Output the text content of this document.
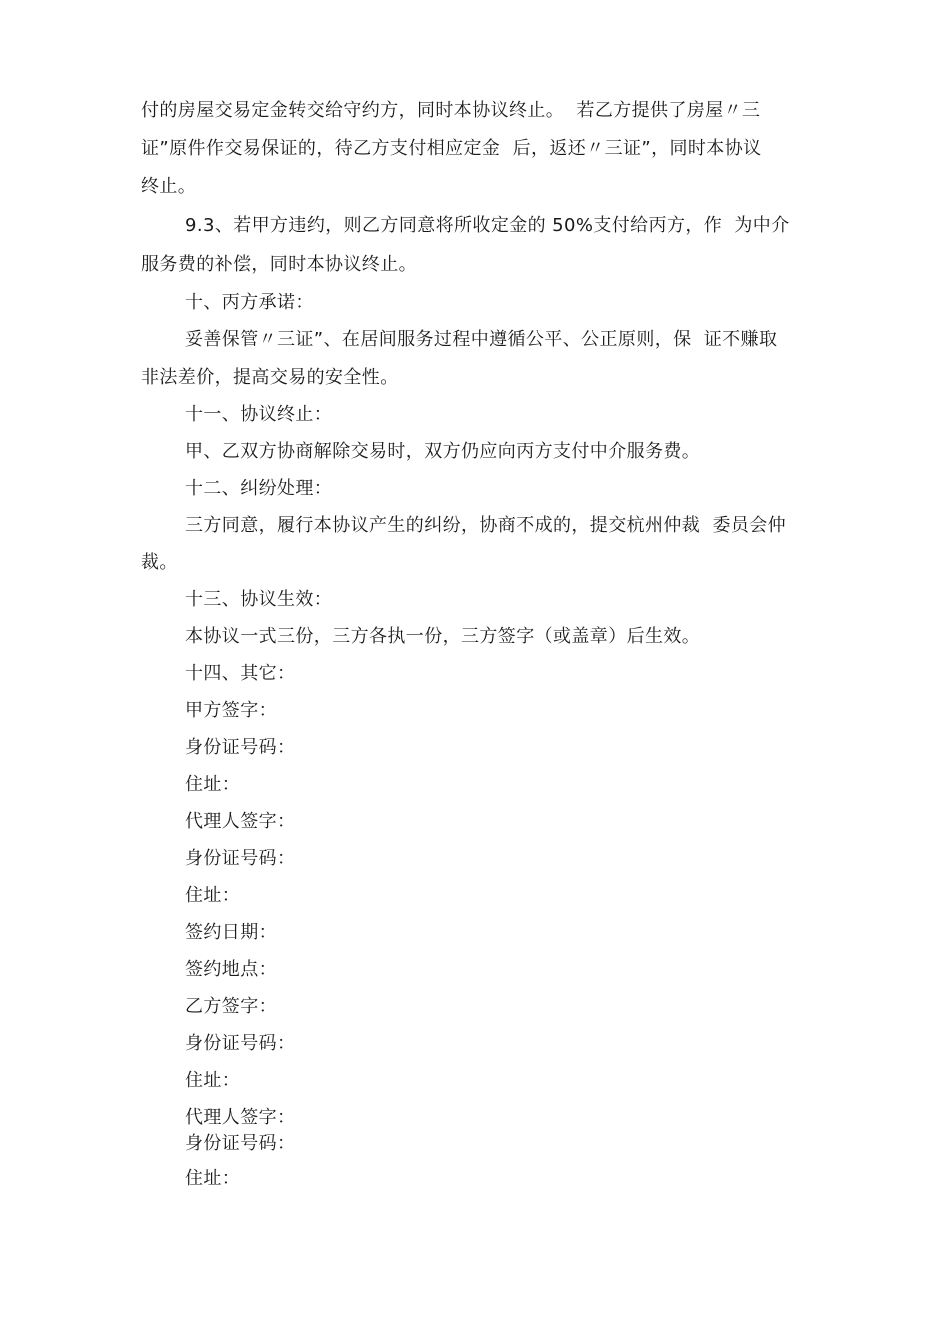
付的房屋交易定金转交给守约方，同时本协议终止。  若乙方提供了房屋〃三
证”原件作交易保证的，待乙方支付相应定金  后，返还〃三证”，同时本协议
终止。
9.3、若甲方违约，则乙方同意将所收定金的 50%支付给丙方，作  为中介
服务费的补偿，同时本协议终止。
十、丙方承诺：
妥善保管〃三证”、在居间服务过程中遵循公平、公正原则，保  证不赚取
非法差价，提高交易的安全性。
十一、协议终止：
甲、乙双方协商解除交易时，双方仍应向丙方支付中介服务费。
十二、纠纷处理：
三方同意，履行本协议产生的纠纷，协商不成的，提交杭州仲裁  委员会仲
裁。
十三、协议生效：
本协议一式三份，三方各执一份，三方签字（或盖章）后生效。
十四、其它：
甲方签字：
身份证号码：
住址：
代理人签字：
身份证号码：
住址：
签约日期：
签约地点：
乙方签字：
身份证号码：
住址：
代理人签字：
身份证号码：
住址：
